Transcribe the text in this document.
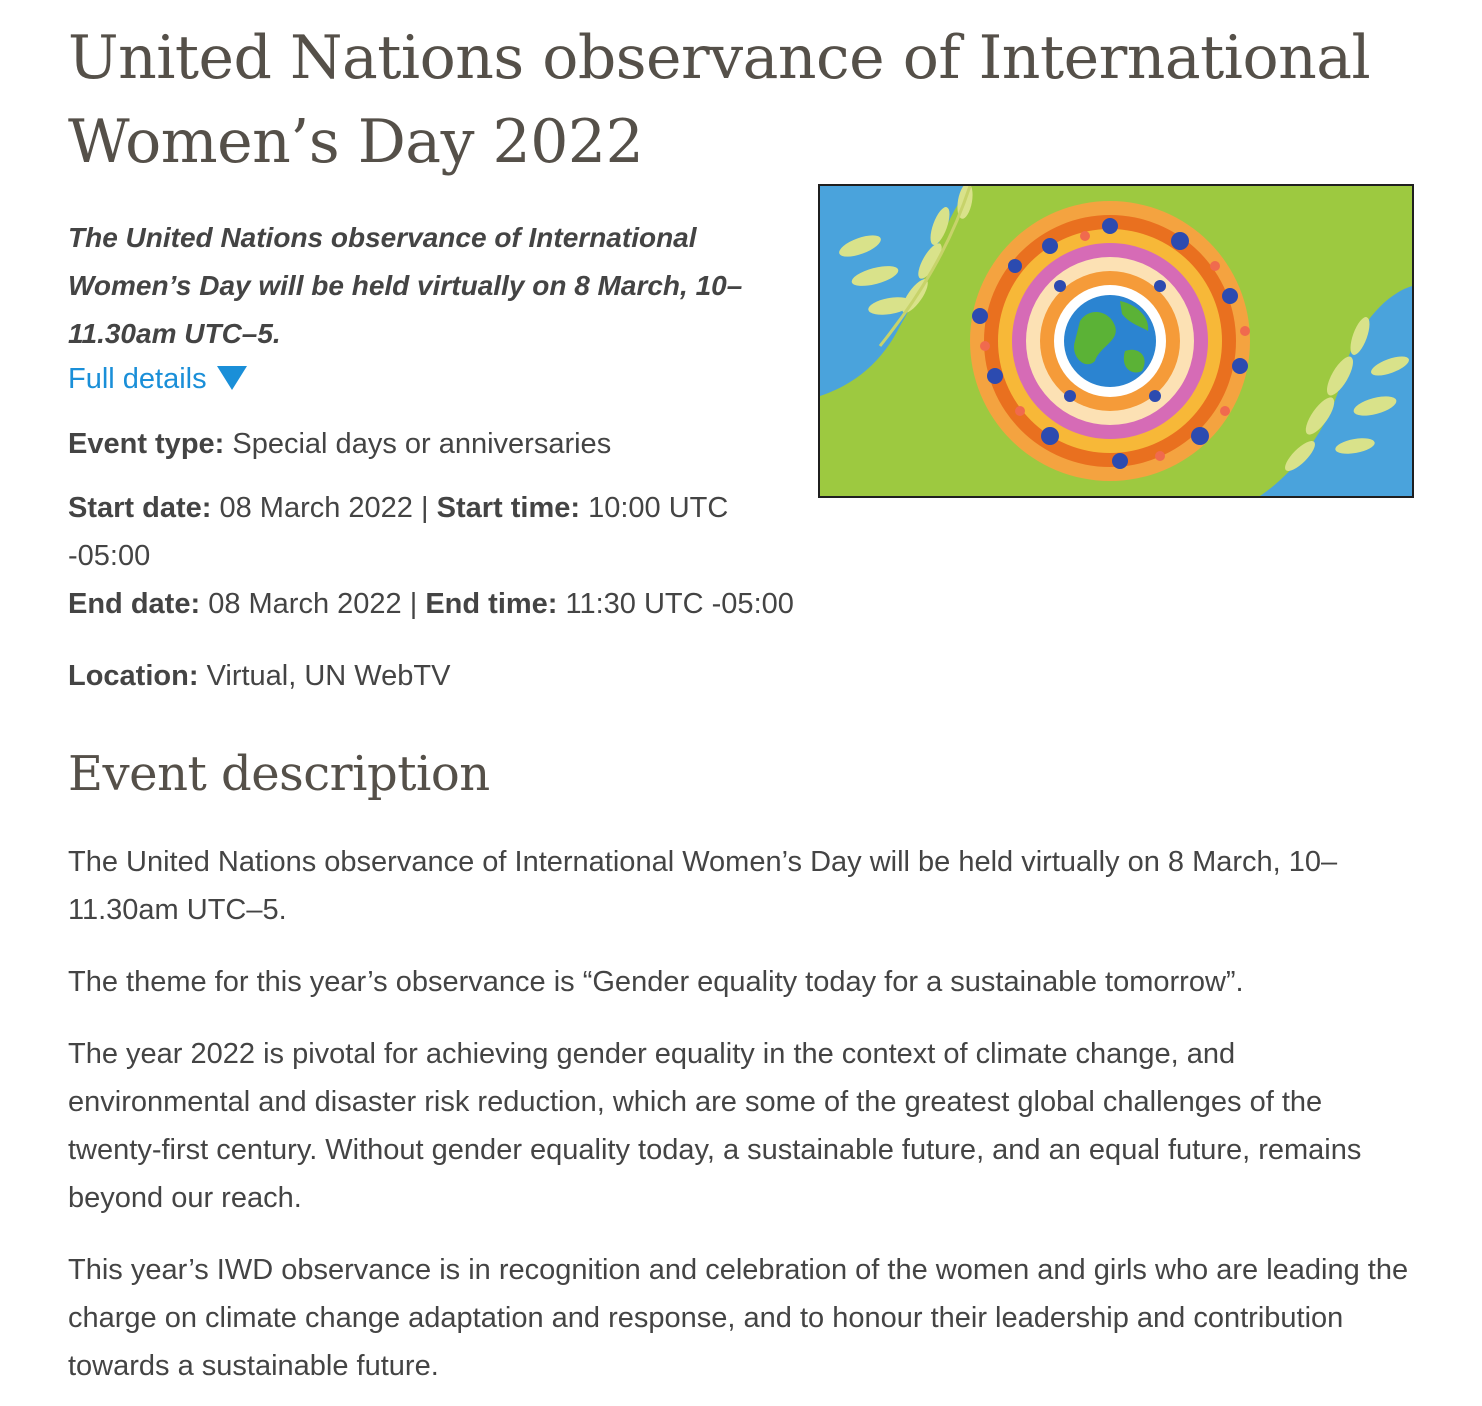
United Nations observance of International Women’s Day 2022
The United Nations observance of International Women’s Day will be held virtually on 8 March, 10–11.30am UTC–5.
Full details
Event type: Special days or anniversaries
Start date: 08 March 2022 | Start time: 10:00 UTC -05:00
End date: 08 March 2022 | End time: 11:30 UTC -05:00
Location: Virtual, UN WebTV
Event description

The United Nations observance of International Women’s Day will be held virtually on 8 March, 10–11.30am UTC–5.

The theme for this year’s observance is “Gender equality today for a sustainable tomorrow”.

The year 2022 is pivotal for achieving gender equality in the context of climate change, and environmental and disaster risk reduction, which are some of the greatest global challenges of the twenty-first century. Without gender equality today, a sustainable future, and an equal future, remains beyond our reach.

This year’s IWD observance is in recognition and celebration of the women and girls who are leading the charge on climate change adaptation and response, and to honour their leadership and contribution towards a sustainable future.
